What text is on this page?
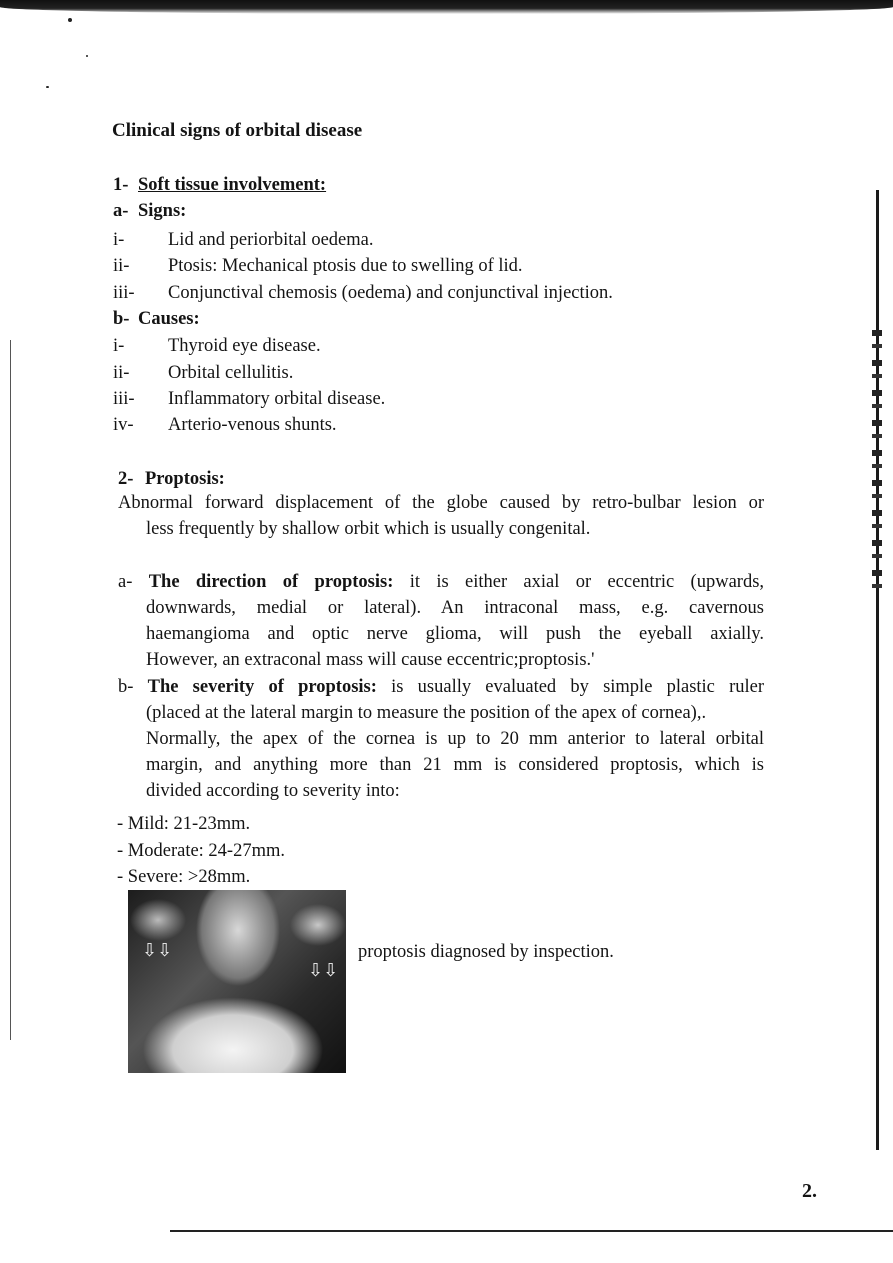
Clinical signs of orbital disease
1- Soft tissue involvement:
a- Signs:
i- Lid and periorbital oedema.
ii- Ptosis: Mechanical ptosis due to swelling of lid.
iii- Conjunctival chemosis (oedema) and conjunctival injection.
b- Causes:
i- Thyroid eye disease.
ii- Orbital cellulitis.
iii- Inflammatory orbital disease.
iv- Arterio-venous shunts.
2- Proptosis:
Abnormal forward displacement of the globe caused by retro-bulbar lesion or
less frequently by shallow orbit which is usually congenital.
a- The direction of proptosis: it is either axial or eccentric (upwards,
downwards, medial or lateral). An intraconal mass, e.g. cavernous
haemangioma and optic nerve glioma, will push the eyeball axially.
However, an extraconal mass will cause eccentric;proptosis.'
b- The severity of proptosis: is usually evaluated by simple plastic ruler
(placed at the lateral margin to measure the position of the apex of cornea),.
Normally, the apex of the cornea is up to 20 mm anterior to lateral orbital
margin, and anything more than 21 mm is considered proptosis, which is
divided according to severity into:
- Mild: 21-23mm.
- Moderate: 24-27mm.
- Severe: >28mm.
⇩⇩
⇩⇩
proptosis diagnosed by inspection.
2.
